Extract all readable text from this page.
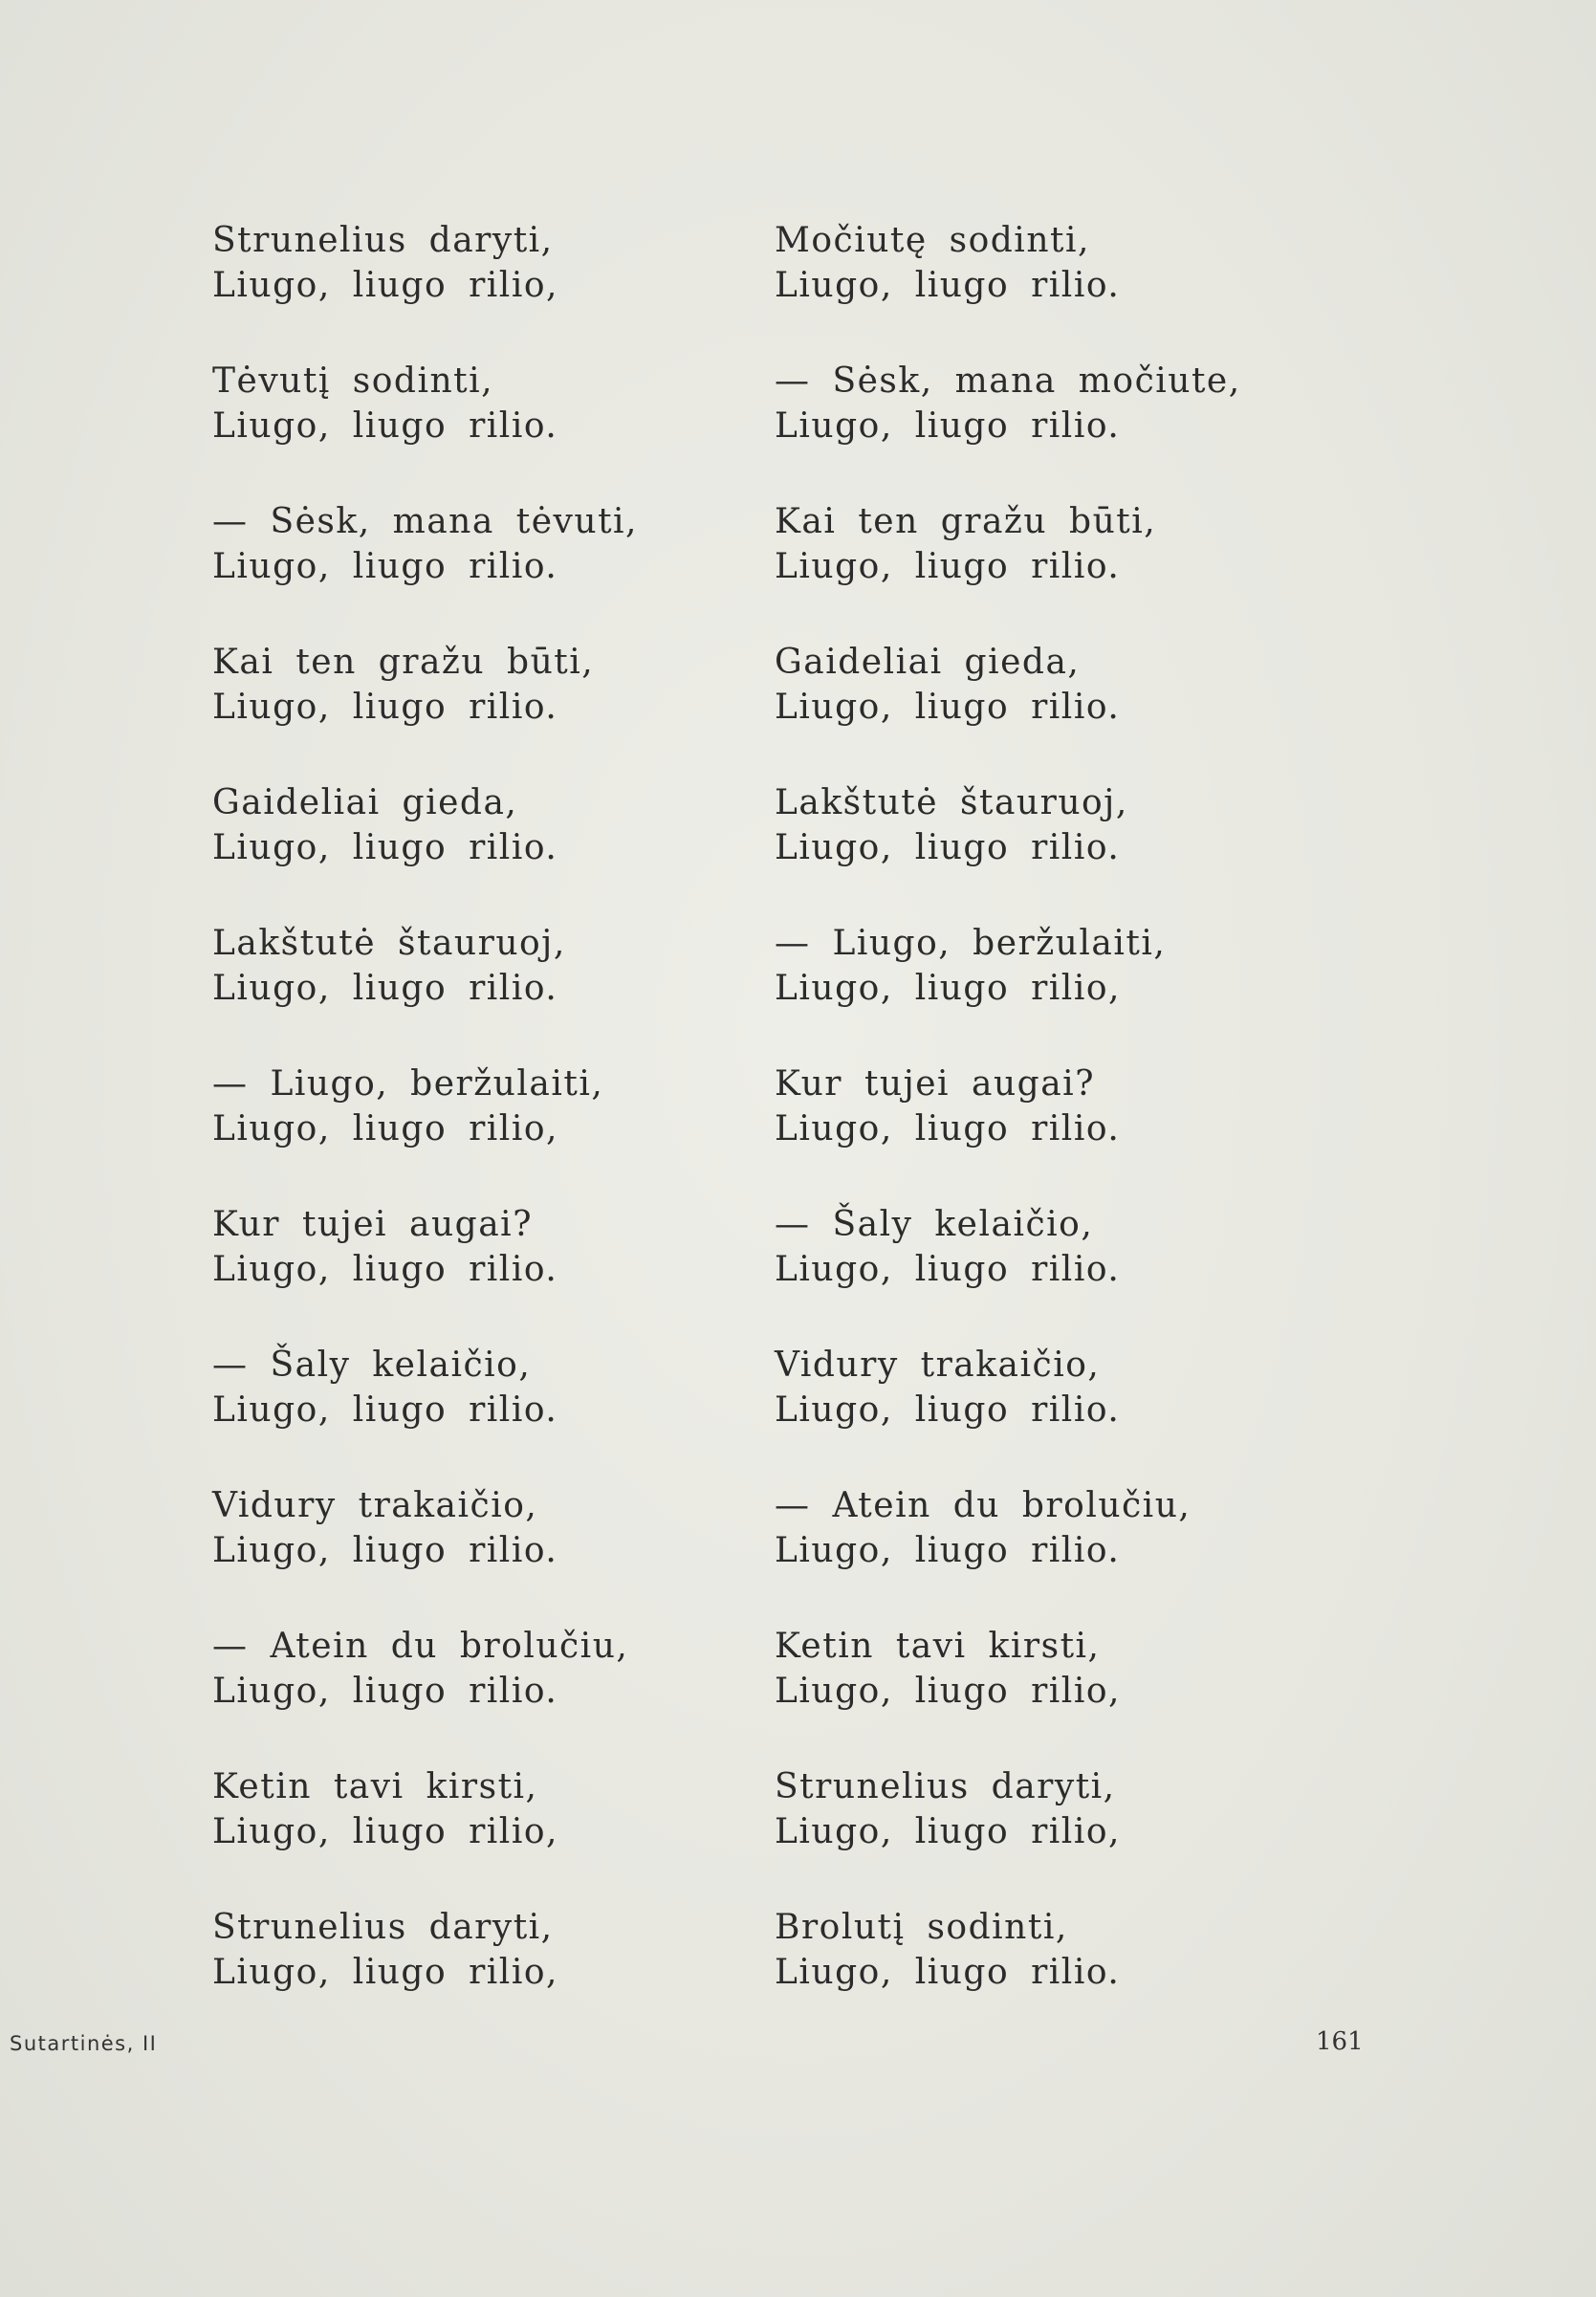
Strunelius daryti,
Liugo, liugo rilio,
Tėvutį sodinti,
Liugo, liugo rilio.
— Sėsk, mana tėvuti,
Liugo, liugo rilio.
Kai ten gražu būti,
Liugo, liugo rilio.
Gaideliai gieda,
Liugo, liugo rilio.
Lakštutė štauruoj,
Liugo, liugo rilio.
— Liugo, beržulaiti,
Liugo, liugo rilio,
Kur tujei augai?
Liugo, liugo rilio.
— Šaly kelaičio,
Liugo, liugo rilio.
Vidury trakaičio,
Liugo, liugo rilio.
— Atein du brolučiu,
Liugo, liugo rilio.
Ketin tavi kirsti,
Liugo, liugo rilio,
Strunelius daryti,
Liugo, liugo rilio,
Močiutę sodinti,
Liugo, liugo rilio.
— Sėsk, mana močiute,
Liugo, liugo rilio.
Kai ten gražu būti,
Liugo, liugo rilio.
Gaideliai gieda,
Liugo, liugo rilio.
Lakštutė štauruoj,
Liugo, liugo rilio.
— Liugo, beržulaiti,
Liugo, liugo rilio,
Kur tujei augai?
Liugo, liugo rilio.
— Šaly kelaičio,
Liugo, liugo rilio.
Vidury trakaičio,
Liugo, liugo rilio.
— Atein du brolučiu,
Liugo, liugo rilio.
Ketin tavi kirsti,
Liugo, liugo rilio,
Strunelius daryti,
Liugo, liugo rilio,
Brolutį sodinti,
Liugo, liugo rilio.
Sutartinės, II	161
